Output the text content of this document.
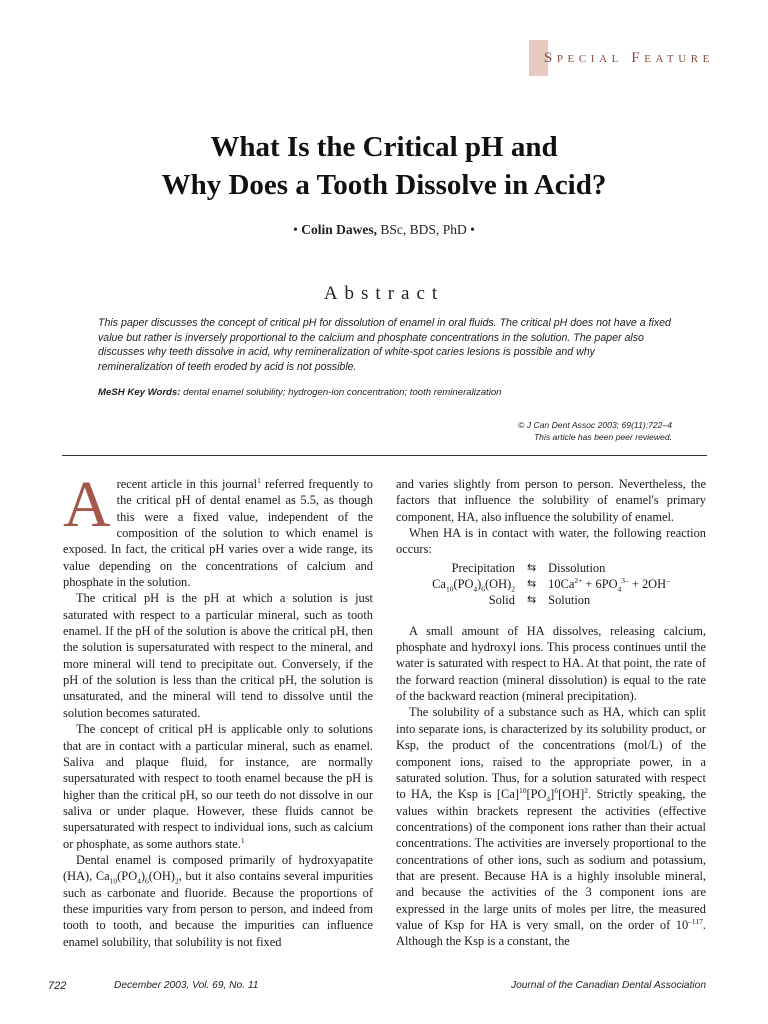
Special Feature
What Is the Critical pH and
Why Does a Tooth Dissolve in Acid?
• Colin Dawes, BSc, BDS, PhD •
Abstract
This paper discusses the concept of critical pH for dissolution of enamel in oral fluids. The critical pH does not have a fixed value but rather is inversely proportional to the calcium and phosphate concentrations in the solution. The paper also discusses why teeth dissolve in acid, why remineralization of white-spot caries lesions is possible and why remineralization of teeth eroded by acid is not possible.
MeSH Key Words: dental enamel solubility; hydrogen-ion concentration; tooth remineralization
© J Can Dent Assoc 2003; 69(11):722–4
This article has been peer reviewed.

A recent article in this journal$^1$ referred frequently to the critical pH of dental enamel as 5.5, as though this were a fixed value, independent of the composition of the solution to which enamel is exposed. In fact, the critical pH varies over a wide range, its value depending on the concentrations of calcium and phosphate in the solution.

The critical pH is the pH at which a solution is just saturated with respect to a particular mineral, such as tooth enamel. If the pH of the solution is above the critical pH, then the solution is supersaturated with respect to the mineral, and more mineral will tend to precipitate out. Conversely, if the pH of the solution is less than the critical pH, the solution is unsaturated, and the mineral will tend to dissolve until the solution becomes saturated.

The concept of critical pH is applicable only to solutions that are in contact with a particular mineral, such as enamel. Saliva and plaque fluid, for instance, are normally supersaturated with respect to tooth enamel because the pH is higher than the critical pH, so our teeth do not dissolve in our saliva or under plaque. However, these fluids cannot be supersaturated with respect to individual ions, such as calcium or phosphate, as some authors state.$^1$

Dental enamel is composed primarily of hydroxyapatite (HA), $Ca_{10}(PO_4)_6(OH)_2$, but it also contains several impurities such as carbonate and fluoride. Because the proportions of these impurities vary from person to person, and indeed from tooth to tooth, and because the impurities can influence enamel solubility, that solubility is not fixed

and varies slightly from person to person. Nevertheless, the factors that influence the solubility of enamel's primary component, HA, also influence the solubility of enamel.

When HA is in contact with water, the following reaction occurs:

Precipitation ⇆ Dissolution
$Ca_{10}(PO_4)_6(OH)_2$ ⇆ $10Ca^{2+} + 6PO_4^{3-} + 2OH^-$
Solid ⇆ Solution

A small amount of HA dissolves, releasing calcium, phosphate and hydroxyl ions. This process continues until the water is saturated with respect to HA. At that point, the rate of the forward reaction (mineral dissolution) is equal to the rate of the backward reaction (mineral precipitation).

The solubility of a substance such as HA, which can split into separate ions, is characterized by its solubility product, or Ksp, the product of the concentrations (mol/L) of the component ions, raised to the appropriate power, in a saturated solution. Thus, for a solution saturated with respect to HA, the Ksp is $[Ca]^{10}[PO_4]^6[OH]^2$. Strictly speaking, the values within brackets represent the activities (effective concentrations) of the component ions rather than their actual concentrations. The activities are inversely proportional to the concentrations of other ions, such as sodium and potassium, that are present. Because HA is a highly insoluble mineral, and because the activities of the 3 component ions are expressed in the large units of moles per litre, the measured value of Ksp for HA is very small, on the order of $10^{-117}$. Although the Ksp is a constant, the

722	December 2003, Vol. 69, No. 11	Journal of the Canadian Dental Association
